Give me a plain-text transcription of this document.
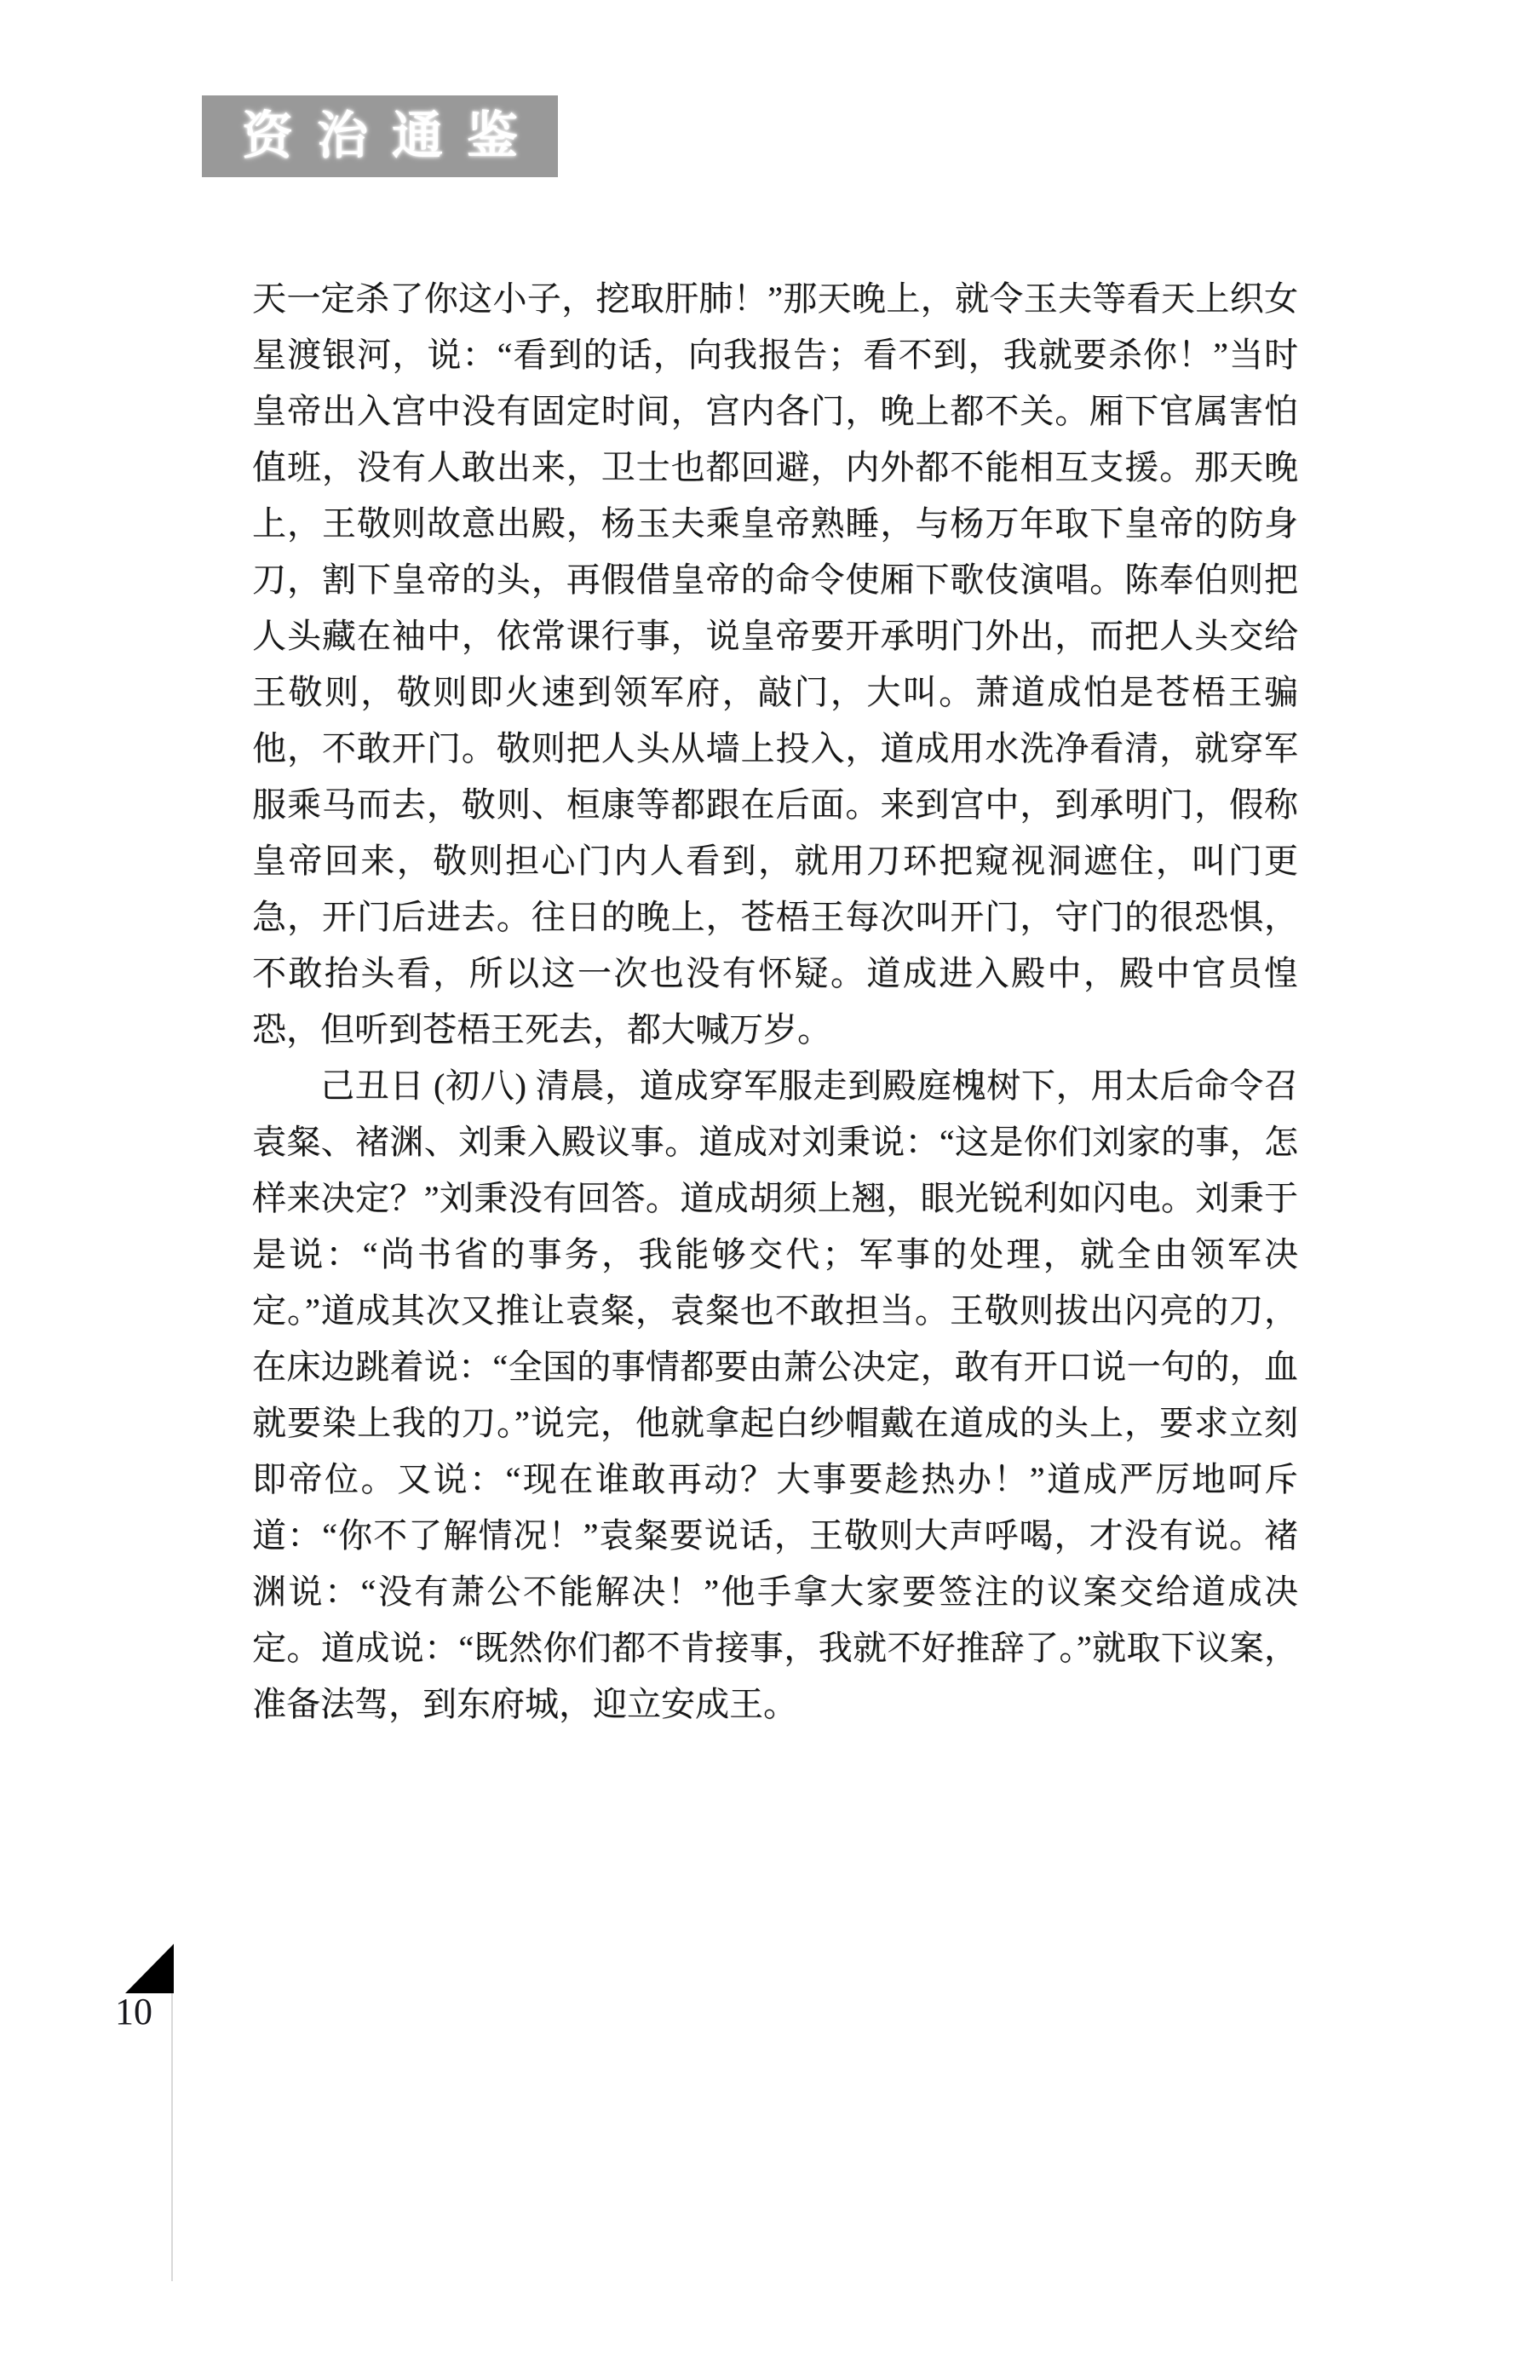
资治通鉴

天一定杀了你这小子，挖取肝肺！”那天晚上，就令玉夫等看天上织女星渡银河，说：“看到的话，向我报告；看不到，我就要杀你！”当时皇帝出入宫中没有固定时间，宫内各门，晚上都不关。厢下官属害怕值班，没有人敢出来，卫士也都回避，内外都不能相互支援。那天晚上，王敬则故意出殿，杨玉夫乘皇帝熟睡，与杨万年取下皇帝的防身刀，割下皇帝的头，再假借皇帝的命令使厢下歌伎演唱。陈奉伯则把人头藏在袖中，依常课行事，说皇帝要开承明门外出，而把人头交给王敬则，敬则即火速到领军府，敲门，大叫。萧道成怕是苍梧王骗他，不敢开门。敬则把人头从墙上投入，道成用水洗净看清，就穿军服乘马而去，敬则、桓康等都跟在后面。来到宫中，到承明门，假称皇帝回来，敬则担心门内人看到，就用刀环把窥视洞遮住，叫门更急，开门后进去。往日的晚上，苍梧王每次叫开门，守门的很恐惧，不敢抬头看，所以这一次也没有怀疑。道成进入殿中，殿中官员惶恐，但听到苍梧王死去，都大喊万岁。

己丑日 (初八) 清晨，道成穿军服走到殿庭槐树下，用太后命令召袁粲、褚渊、刘秉入殿议事。道成对刘秉说：“这是你们刘家的事，怎样来决定？”刘秉没有回答。道成胡须上翘，眼光锐利如闪电。刘秉于是说：“尚书省的事务，我能够交代；军事的处理，就全由领军决定。”道成其次又推让袁粲，袁粲也不敢担当。王敬则拔出闪亮的刀，在床边跳着说：“全国的事情都要由萧公决定，敢有开口说一句的，血就要染上我的刀。”说完，他就拿起白纱帽戴在道成的头上，要求立刻即帝位。又说：“现在谁敢再动？大事要趁热办！”道成严厉地呵斥道：“你不了解情况！”袁粲要说话，王敬则大声呼喝，才没有说。褚渊说：“没有萧公不能解决！”他手拿大家要签注的议案交给道成决定。道成说：“既然你们都不肯接事，我就不好推辞了。”就取下议案，准备法驾，到东府城，迎立安成王。

10
